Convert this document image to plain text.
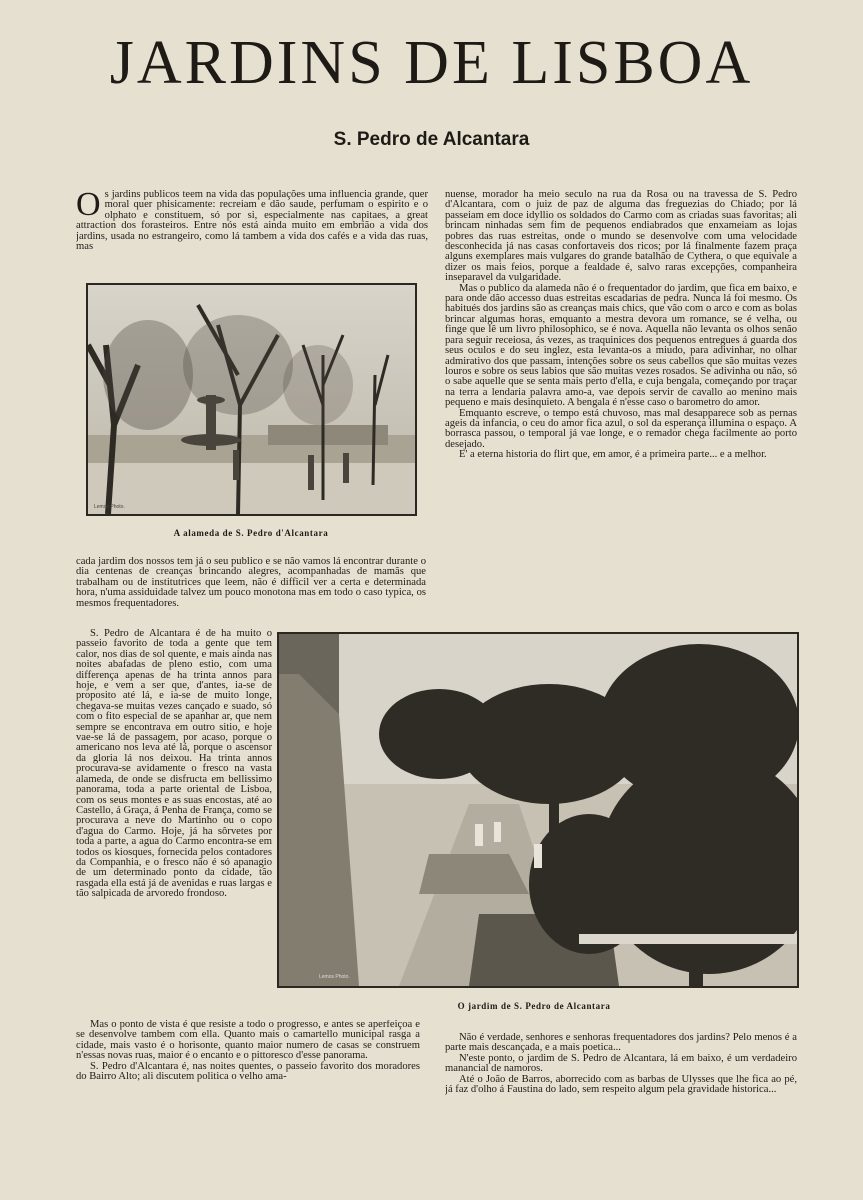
JARDINS DE LISBOA
S. Pedro de Alcantara
O s jardins publicos teem na vida das populações uma influencia grande, quer moral quer phisicamente: recreiam e dão saude, perfumam o espirito e o olphato e constituem, só por si, especialmente nas capitaes, a great attraction dos forasteiros. Entre nós está ainda muito em embrião a vida dos jardins, usada no estrangeiro, como lá tambem a vida dos cafés e a vida das ruas, mas
Lemos Photo.

A alameda de S. Pedro d'Alcantara

cada jardim dos nossos tem já o seu publico e se não vamos lá encontrar durante o dia centenas de creanças brincando alegres, acompanhadas de mamãs que trabalham ou de institutrices que leem, não é difficil ver a certa e determinada hora, n'uma assiduidade talvez um pouco monotona mas em todo o caso typica, os mesmos frequentadores.

S. Pedro de Alcantara é de ha muito o passeio favorito de toda a gente que tem calor, nos dias de sol quente, e mais ainda nas noites abafadas de pleno estio, com uma differença apenas de ha trinta annos para hoje, e vem a ser que, d'antes, ia-se de proposito até lá, e ia-se de muito longe, chegava-se muitas vezes cançado e suado, só com o fito especial de se apanhar ar, que nem sempre se encontrava em outro sitio, e hoje vae-se lá de passagem, por acaso, porque o americano nos leva até lá, porque o ascensor da gloria lá nos deixou. Ha trinta annos procurava-se avidamente o fresco na vasta alameda, de onde se disfructa em bellissimo panorama, toda a parte oriental de Lisboa, com os seus montes e as suas encostas, até ao Castello, á Graça, á Penha de França, como se procurava a neve do Martinho ou o copo d'agua do Carmo. Hoje, já ha sôrvetes por toda a parte, a agua do Carmo encontra-se em todos os kiosques, fornecida pelos contadores da Companhia, e o fresco não é só apanagio de um determinado ponto da cidade, tão rasgada ella está já de avenidas e ruas largas e tão salpicada de arvoredo frondoso.

Lemos Photo.

O jardim de S. Pedro de Alcantara

Mas o ponto de vista é que resiste a todo o progresso, e antes se aperfeiçoa e se desenvolve tambem com ella. Quanto mais o camartello municipal rasga a cidade, mais vasto é o horisonte, quanto maior numero de casas se construem n'essas novas ruas, maior é o encanto e o pittoresco d'esse panorama.

S. Pedro d'Alcantara é, nas noites quentes, o passeio favorito dos moradores do Bairro Alto; ali discutem politica o velho ama-

nuense, morador ha meio seculo na rua da Rosa ou na travessa de S. Pedro d'Alcantara, com o juiz de paz de alguma das freguezias do Chiado; por lá passeiam em doce idyllio os soldados do Carmo com as criadas suas favoritas; ali brincam ninhadas sem fim de pequenos endiabrados que enxameiam as lojas pobres das ruas estreitas, onde o mundo se desenvolve com uma velocidade desconhecida já nas casas confortaveis dos ricos; por lá finalmente fazem praça alguns exemplares mais vulgares do grande batalhão de Cythera, o que equivale a dizer os mais feios, porque a fealdade é, salvo raras excepções, companheira inseparavel da vulgaridade.

Mas o publico da alameda não é o frequentador do jardim, que fica em baixo, e para onde dão accesso duas estreitas escadarias de pedra. Nunca lá foi mesmo. Os habitués dos jardins são as creanças mais chics, que vão com o arco e com as bolas brincar algumas horas, emquanto a mestra devora um romance, se é velha, ou finge que lê um livro philosophico, se é nova. Aquella não levanta os olhos senão para seguir receiosa, ás vezes, as traquinices dos pequenos entregues á guarda dos seus oculos e do seu inglez, esta levanta-os a miudo, para adivinhar, no olhar admirativo dos que passam, intenções sobre os seus cabellos que são muitas vezes louros e sobre os seus labios que são muitas vezes rosados. Se adivinha ou não, só o sabe aquelle que se senta mais perto d'ella, e cuja bengala, começando por traçar na terra a lendaria palavra amo-a, vae depois servir de cavallo ao menino mais pequeno e mais desinquieto. A bengala é n'esse caso o barometro do amor.

Emquanto escreve, o tempo está chuvoso, mas mal desapparece sob as pernas ageis da infancia, o ceu do amor fica azul, o sol da esperança illumina o espaço. A borrasca passou, o temporal já vae longe, e o remador chega facilmente ao porto desejado.

E' a eterna historia do flirt que, em amor, é a primeira parte... e a melhor.

Não é verdade, senhores e senhoras frequentadores dos jardins? Pelo menos é a parte mais descançada, e a mais poetica...

N'este ponto, o jardim de S. Pedro de Alcantara, lá em baixo, é um verdadeiro manancial de namoros.

Até o João de Barros, aborrecido com as barbas de Ulysses que lhe fica ao pé, já faz d'olho á Faustina do lado, sem respeito algum pela gravidade historica...
